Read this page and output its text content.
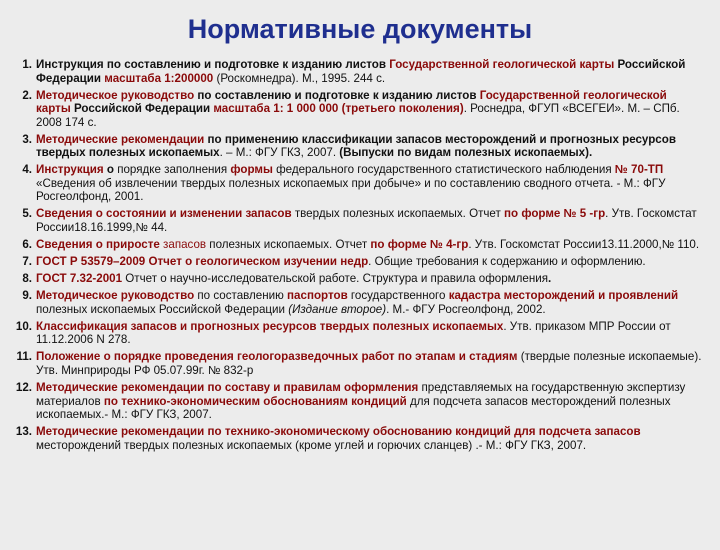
Нормативные документы
1. Инструкция по составлению и подготовке к изданию листов Государственной геологической карты Российской Федерации масштаба 1:200000 (Роскомнедра). М., 1995. 244 с.
2. Методическое руководство по составлению и подготовке к изданию листов Государственной геологической карты Российской Федерации масштаба 1: 1 000 000 (третьего поколения). Роснедра, ФГУП «ВСЕГЕИ». М. – СПб. 2008 174 с.
3. Методические рекомендации по применению классификации запасов месторождений и прогнозных ресурсов твердых полезных ископаемых. – М.: ФГУ ГКЗ, 2007. (Выпуски по видам полезных ископаемых).
4. Инструкция о порядке заполнения формы федерального государственного статистического наблюдения № 70-ТП «Сведения об извлечении твердых полезных ископаемых при добыче» и по составлению сводного отчета. - М.: ФГУ Росгеолфонд, 2001.
5. Сведения о состоянии и изменении запасов твердых полезных ископаемых. Отчет по форме № 5 -гр. Утв. Госкомстат России18.16.1999,№ 44.
6. Сведения о приросте запасов полезных ископаемых. Отчет по форме № 4-гр. Утв. Госкомстат России13.11.2000,№ 110.
7. ГОСТ Р 53579–2009 Отчет о геологическом изучении недр. Общие требования к содержанию и оформлению.
8. ГОСТ 7.32-2001 Отчет о научно-исследовательской работе. Структура и правила оформления.
9. Методическое руководство по составлению паспортов государственного кадастра месторождений и проявлений полезных ископаемых Российской Федерации (Издание второе). М.- ФГУ Росгеолфонд, 2002.
10. Классификация запасов и прогнозных ресурсов твердых полезных ископаемых. Утв. приказом МПР России от 11.12.2006 N 278.
11. Положение о порядке проведения геологоразведочных работ по этапам и стадиям (твердые полезные ископаемые). Утв. Минприроды РФ 05.07.99г. № 832-р
12. Методические рекомендации по составу и правилам оформления представляемых на государственную экспертизу материалов по технико-экономическим обоснованиям кондиций для подсчета запасов месторождений полезных ископаемых.- М.: ФГУ ГКЗ, 2007.
13. Методические рекомендации по технико-экономическому обоснованию кондиций для подсчета запасов месторождений твердых полезных ископаемых (кроме углей и горючих сланцев) .- М.: ФГУ ГКЗ, 2007.
